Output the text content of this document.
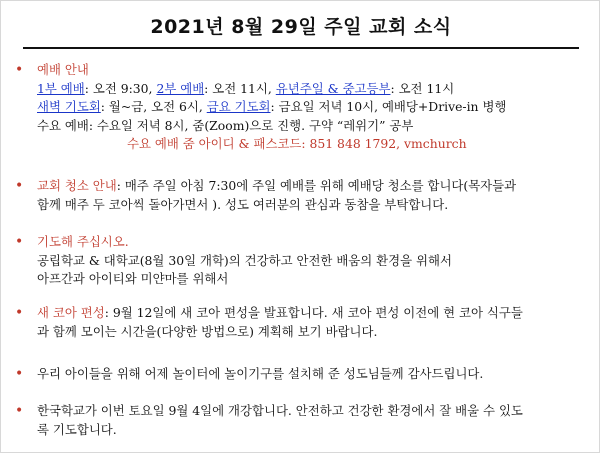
2021년 8월 29일 주일 교회 소식
•	예배 안내
1부 예배: 오전 9:30, 2부 예배: 오전 11시, 유년주일 & 중고등부: 오전 11시
새벽 기도회: 월~금, 오전 6시, 금요 기도회: 금요일 저녁 10시, 예배당+Drive-in 병행
수요 예배: 수요일 저녁 8시, 줌(Zoom)으로 진행. 구약 “레위기” 공부
수요 예배 줌 아이디 & 패스코드: 851 848 1792, vmchurch
•	교회 청소 안내: 매주 주일 아침 7:30에 주일 예배를 위해 예배당 청소를 합니다(목자들과
함께 매주 두 코아씩 돌아가면서 ). 성도 여러분의 관심과 동참을 부탁합니다.
•	기도해 주십시오.
공립학교 & 대학교(8월 30일 개학)의 건강하고 안전한 배움의 환경을 위해서
아프간과 아이티와 미얀마를 위해서
•	새 코아 편성: 9월 12일에 새 코아 편성을 발표합니다. 새 코아 편성 이전에 현 코아 식구들
과 함께 모이는 시간을(다양한 방법으로) 계획해 보기 바랍니다.
•	우리 아이들을 위해 어제 놀이터에 놀이기구를 설치해 준 성도님들께 감사드립니다.
•	한국학교가 이번 토요일 9월 4일에 개강합니다. 안전하고 건강한 환경에서 잘 배울 수 있도
록 기도합니다.
